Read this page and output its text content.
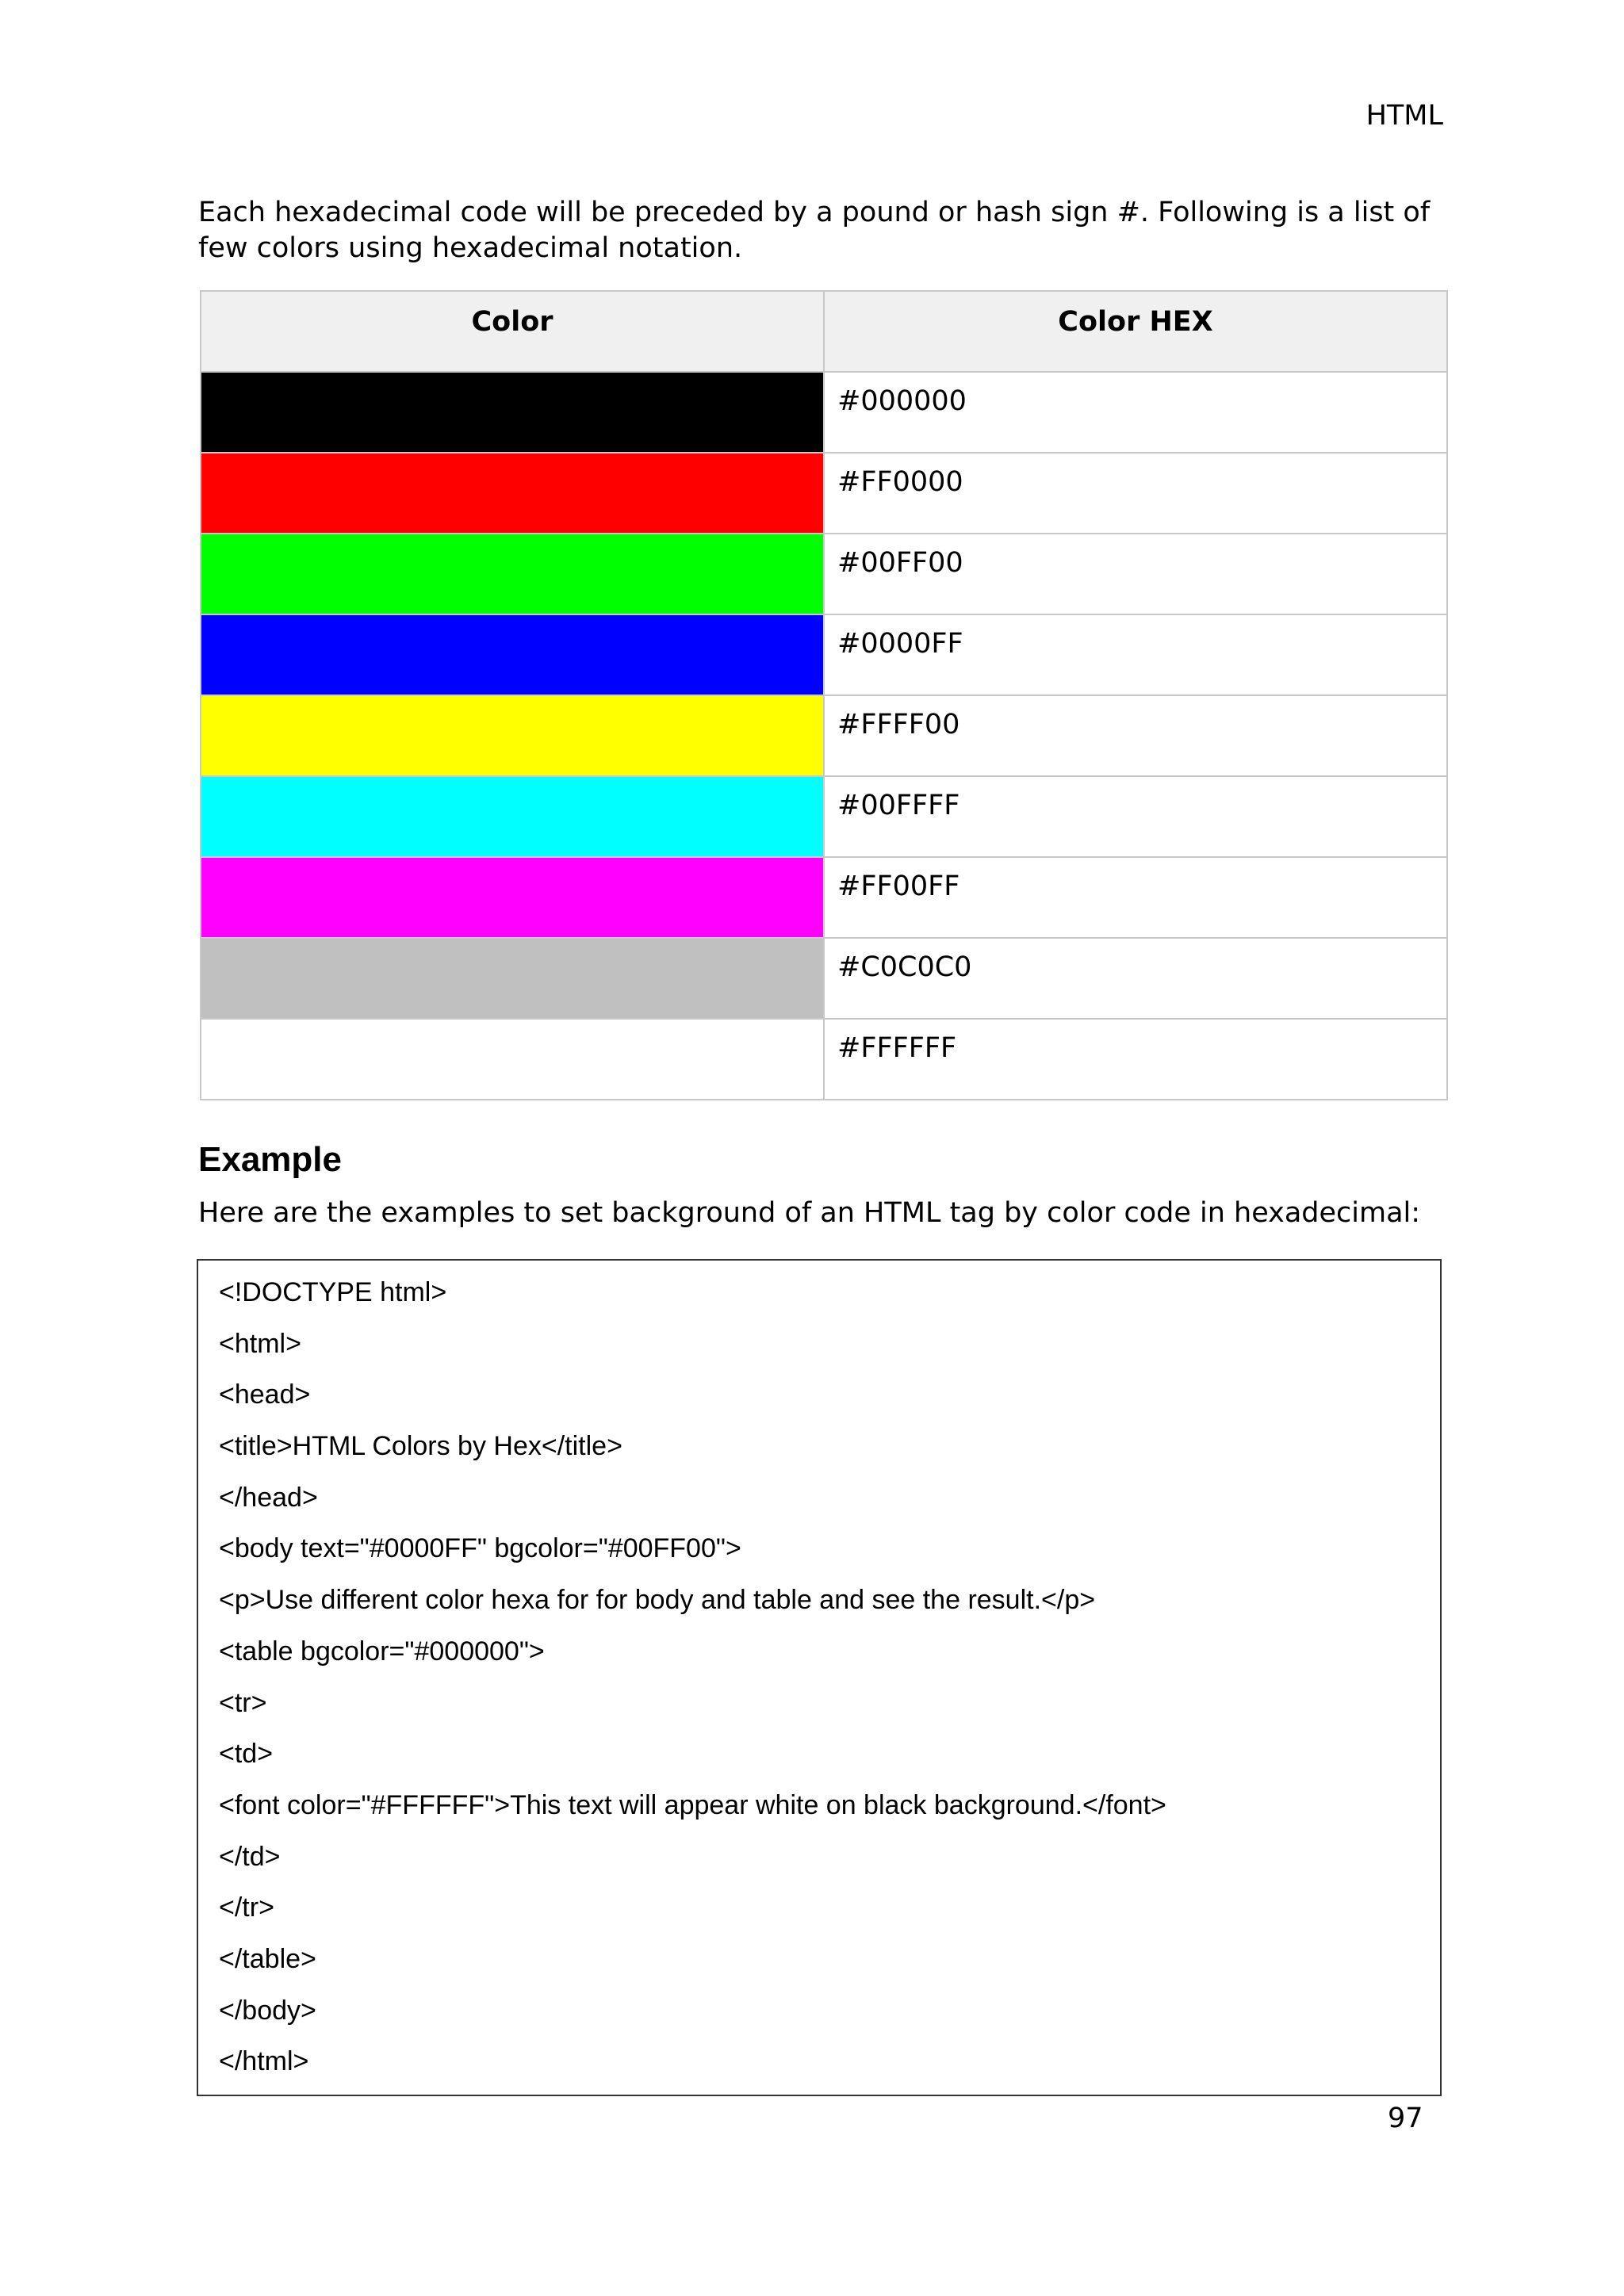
HTML

Each hexadecimal code will be preceded by a pound or hash sign #. Following is a list of few colors using hexadecimal notation.

Color	Color HEX
	#000000
	#FF0000
	#00FF00
	#0000FF
	#FFFF00
	#00FFFF
	#FF00FF
	#C0C0C0
	#FFFFFF
Example

Here are the examples to set background of an HTML tag by color code in hexadecimal:

<!DOCTYPE html>
<html>
<head>
<title>HTML Colors by Hex</title>
</head>
<body text="#0000FF" bgcolor="#00FF00">
<p>Use different color hexa for for body and table and see the result.</p>
<table bgcolor="#000000">
<tr>
<td>
<font color="#FFFFFF">This text will appear white on black background.</font>
</td>
</tr>
</table>
</body>
</html>
97
